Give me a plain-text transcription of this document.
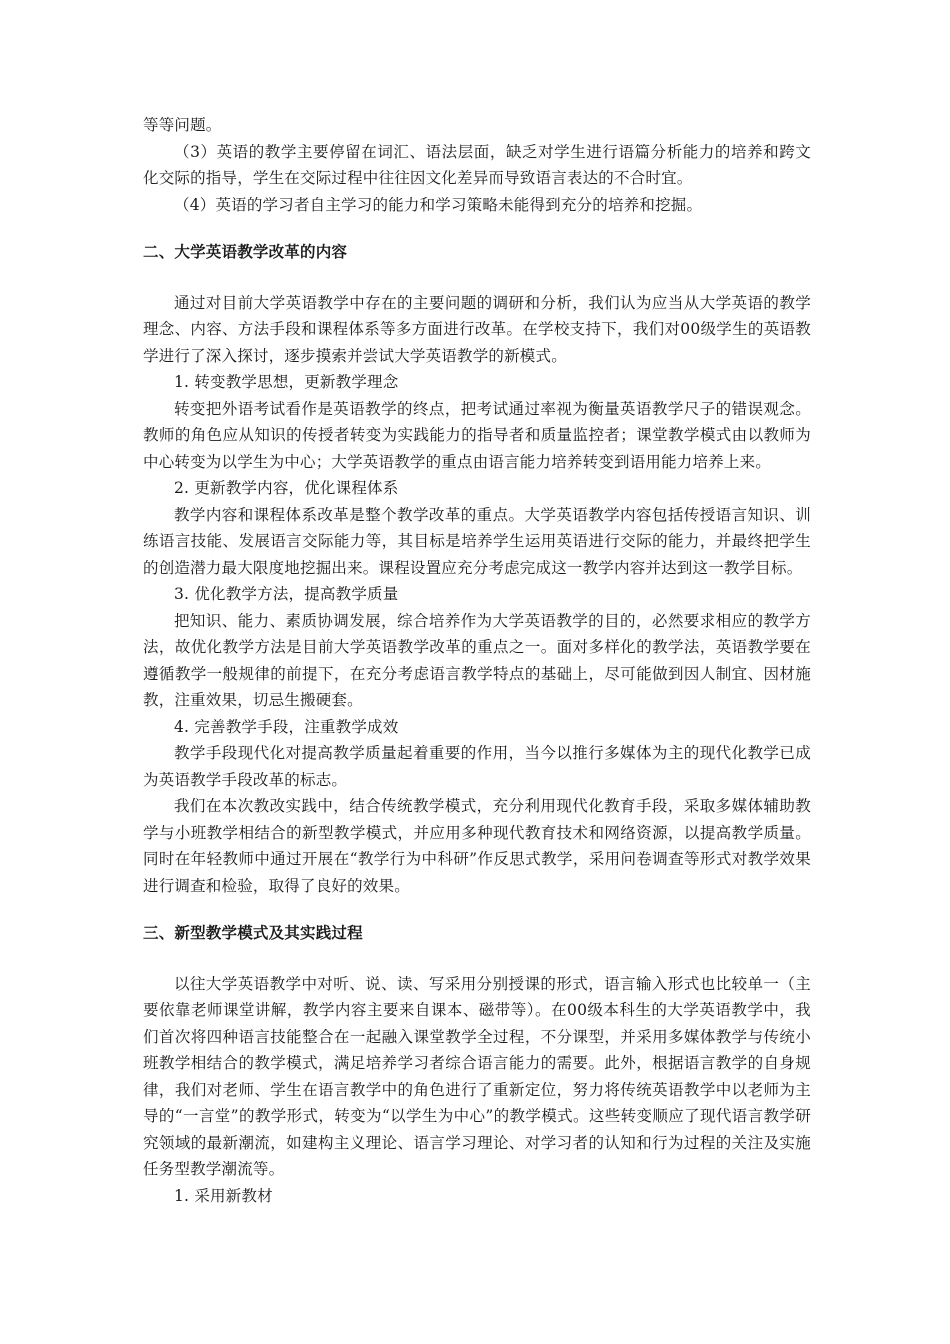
等等问题。

（3）英语的教学主要停留在词汇、语法层面，缺乏对学生进行语篇分析能力的培养和跨文化交际的指导，学生在交际过程中往往因文化差异而导致语言表达的不合时宜。

（4）英语的学习者自主学习的能力和学习策略未能得到充分的培养和挖掘。

二、大学英语教学改革的内容

通过对目前大学英语教学中存在的主要问题的调研和分析，我们认为应当从大学英语的教学理念、内容、方法手段和课程体系等多方面进行改革。在学校支持下，我们对00级学生的英语教学进行了深入探讨，逐步摸索并尝试大学英语教学的新模式。

1. 转变教学思想，更新教学理念

转变把外语考试看作是英语教学的终点，把考试通过率视为衡量英语教学尺子的错误观念。教师的角色应从知识的传授者转变为实践能力的指导者和质量监控者；课堂教学模式由以教师为中心转变为以学生为中心；大学英语教学的重点由语言能力培养转变到语用能力培养上来。

2. 更新教学内容，优化课程体系

教学内容和课程体系改革是整个教学改革的重点。大学英语教学内容包括传授语言知识、训练语言技能、发展语言交际能力等，其目标是培养学生运用英语进行交际的能力，并最终把学生的创造潜力最大限度地挖掘出来。课程设置应充分考虑完成这一教学内容并达到这一教学目标。

3. 优化教学方法，提高教学质量

把知识、能力、素质协调发展，综合培养作为大学英语教学的目的，必然要求相应的教学方法，故优化教学方法是目前大学英语教学改革的重点之一。面对多样化的教学法，英语教学要在遵循教学一般规律的前提下，在充分考虑语言教学特点的基础上，尽可能做到因人制宜、因材施教，注重效果，切忌生搬硬套。

4. 完善教学手段，注重教学成效

教学手段现代化对提高教学质量起着重要的作用，当今以推行多媒体为主的现代化教学已成为英语教学手段改革的标志。

我们在本次教改实践中，结合传统教学模式，充分利用现代化教育手段，采取多媒体辅助教学与小班教学相结合的新型教学模式，并应用多种现代教育技术和网络资源，以提高教学质量。同时在年轻教师中通过开展在“教学行为中科研”作反思式教学，采用问卷调查等形式对教学效果进行调查和检验，取得了良好的效果。

三、新型教学模式及其实践过程

以往大学英语教学中对听、说、读、写采用分别授课的形式，语言输入形式也比较单一（主要依靠老师课堂讲解，教学内容主要来自课本、磁带等）。在00级本科生的大学英语教学中，我们首次将四种语言技能整合在一起融入课堂教学全过程，不分课型，并采用多媒体教学与传统小班教学相结合的教学模式，满足培养学习者综合语言能力的需要。此外，根据语言教学的自身规律，我们对老师、学生在语言教学中的角色进行了重新定位，努力将传统英语教学中以老师为主导的“一言堂”的教学形式，转变为“以学生为中心”的教学模式。这些转变顺应了现代语言教学研究领域的最新潮流，如建构主义理论、语言学习理论、对学习者的认知和行为过程的关注及实施任务型教学潮流等。

1. 采用新教材
